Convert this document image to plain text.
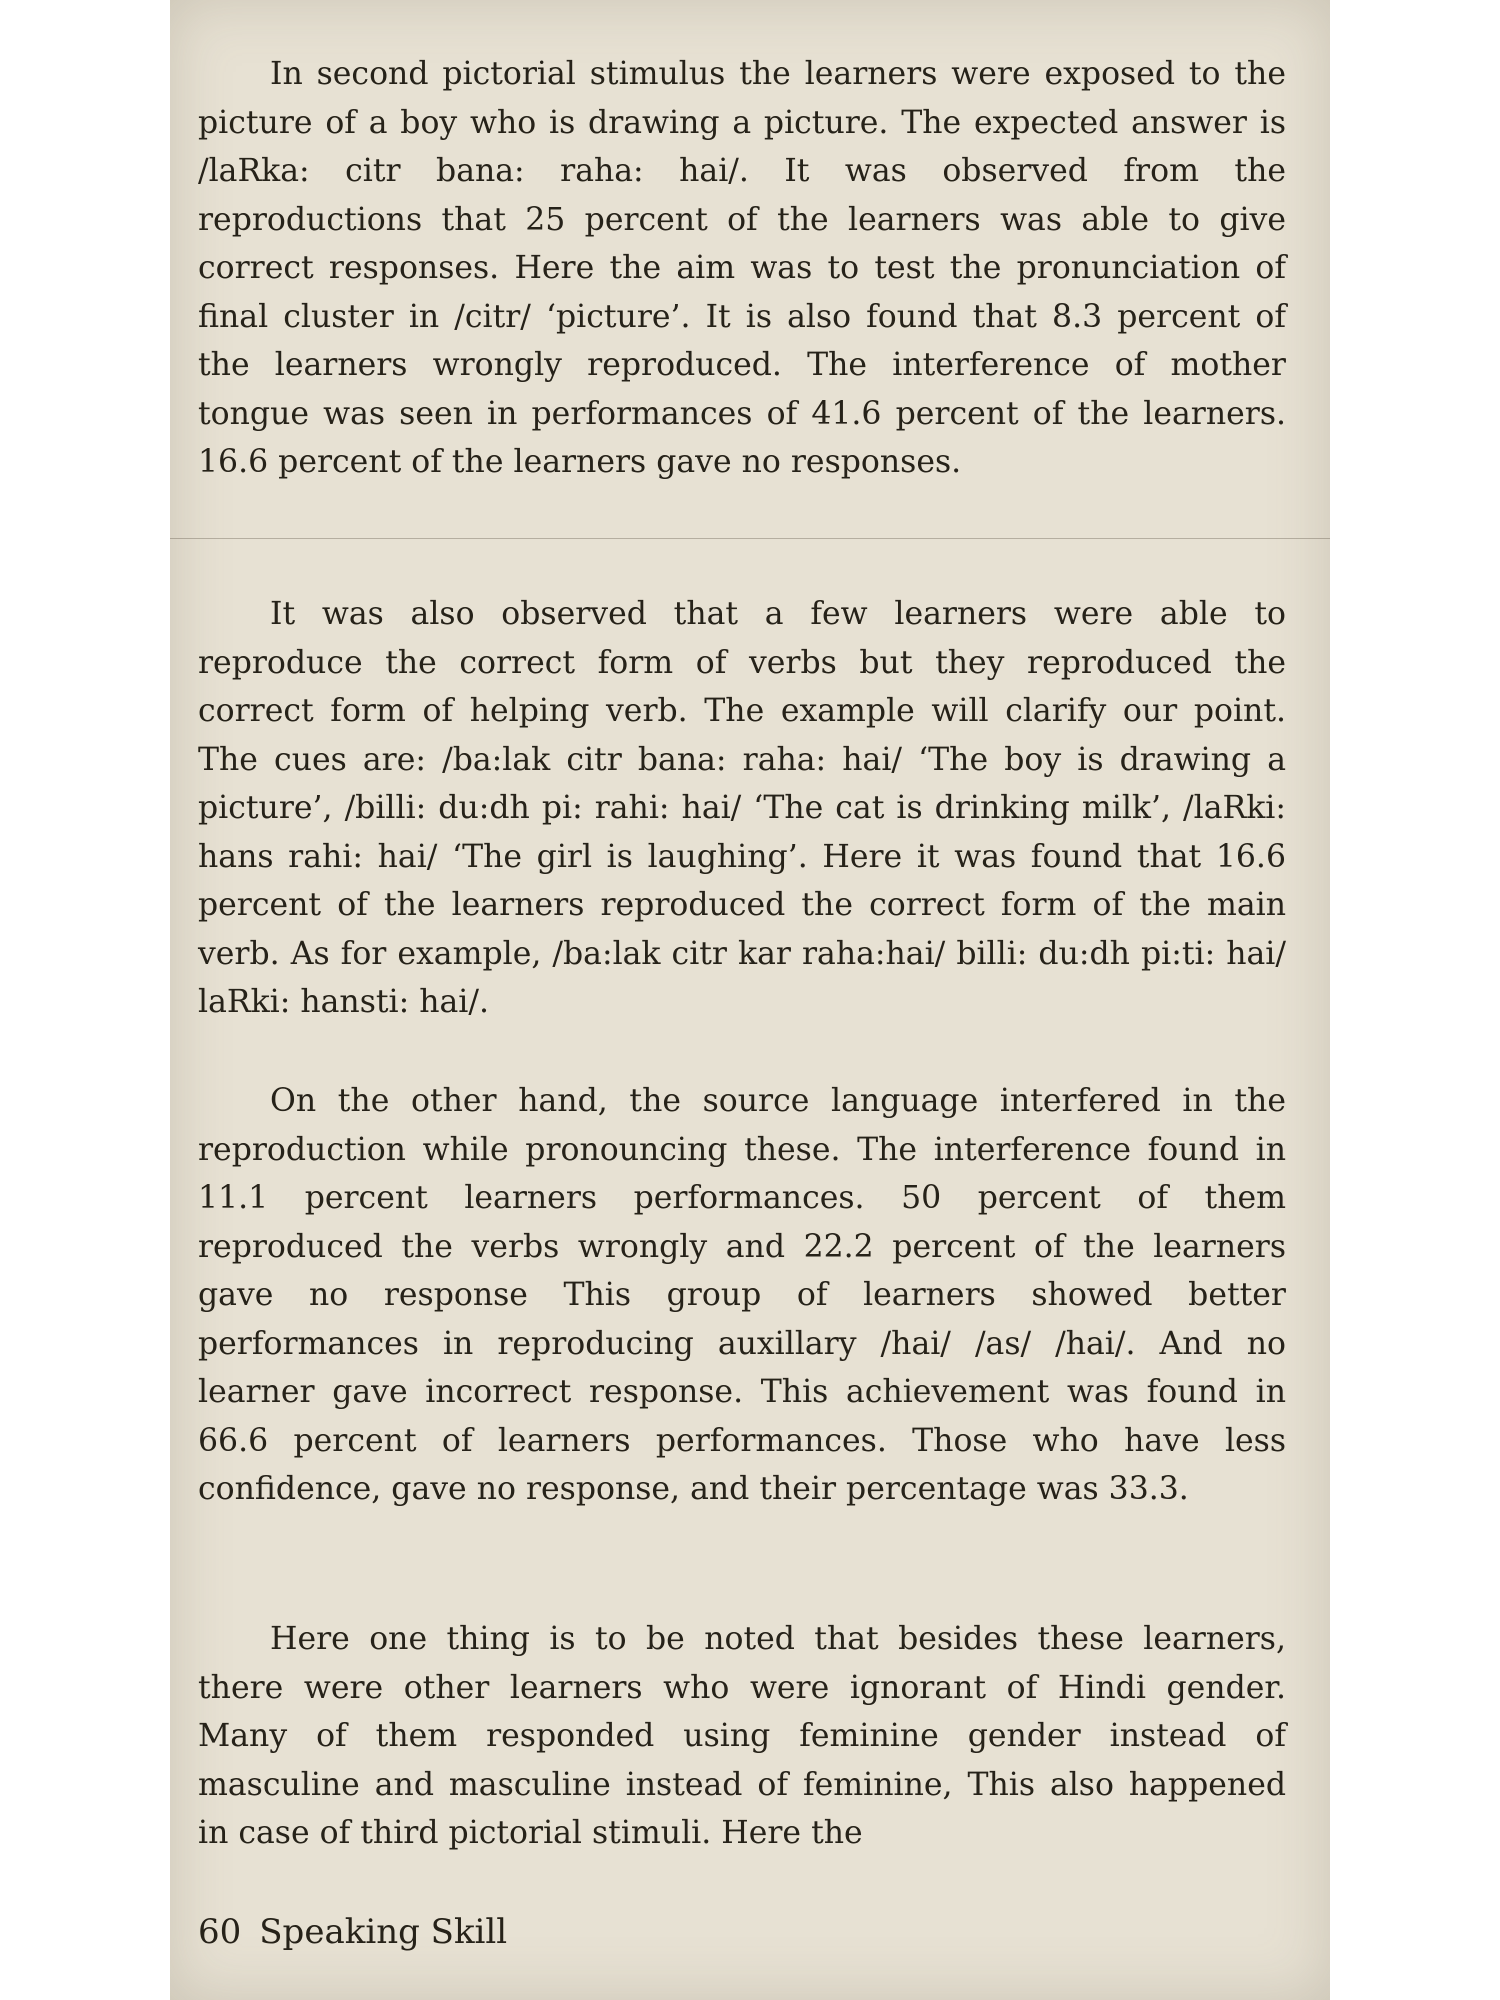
In second pictorial stimulus the learners were exposed to the picture of a boy who is drawing a picture. The expected answer is /laRka: citr bana: raha: hai/. It was observed from the reproductions that 25 percent of the learners was able to give correct responses. Here the aim was to test the pronunciation of final cluster in /citr/ ‘picture’. It is also found that 8.3 percent of the learners wrongly reproduced. The interference of mother tongue was seen in performances of 41.6 percent of the learners. 16.6 percent of the learners gave no responses.

It was also observed that a few learners were able to reproduce the correct form of verbs but they reproduced the correct form of helping verb. The example will clarify our point. The cues are: /ba:lak citr bana: raha: hai/ ‘The boy is drawing a picture’, /billi: du:dh pi: rahi: hai/ ‘The cat is drinking milk’, /laRki: hans rahi: hai/ ‘The girl is laughing’. Here it was found that 16.6 percent of the learners reproduced the correct form of the main verb. As for example, /ba:lak citr kar raha:hai/ billi: du:dh pi:ti: hai/ laRki: hansti: hai/.

On the other hand, the source language interfered in the reproduction while pronouncing these. The interference found in 11.1 percent learners performances. 50 percent of them reproduced the verbs wrongly and 22.2 percent of the learners gave no response This group of learners showed better performances in reproducing auxillary /hai/ /as/ /hai/. And no learner gave incorrect response. This achievement was found in 66.6 percent of learners performances. Those who have less confidence, gave no response, and their percentage was 33.3.

Here one thing is to be noted that besides these learners, there were other learners who were ignorant of Hindi gender. Many of them responded using feminine gender instead of masculine and masculine instead of feminine, This also happened in case of third pictorial stimuli. Here the

60 Speaking Skill
